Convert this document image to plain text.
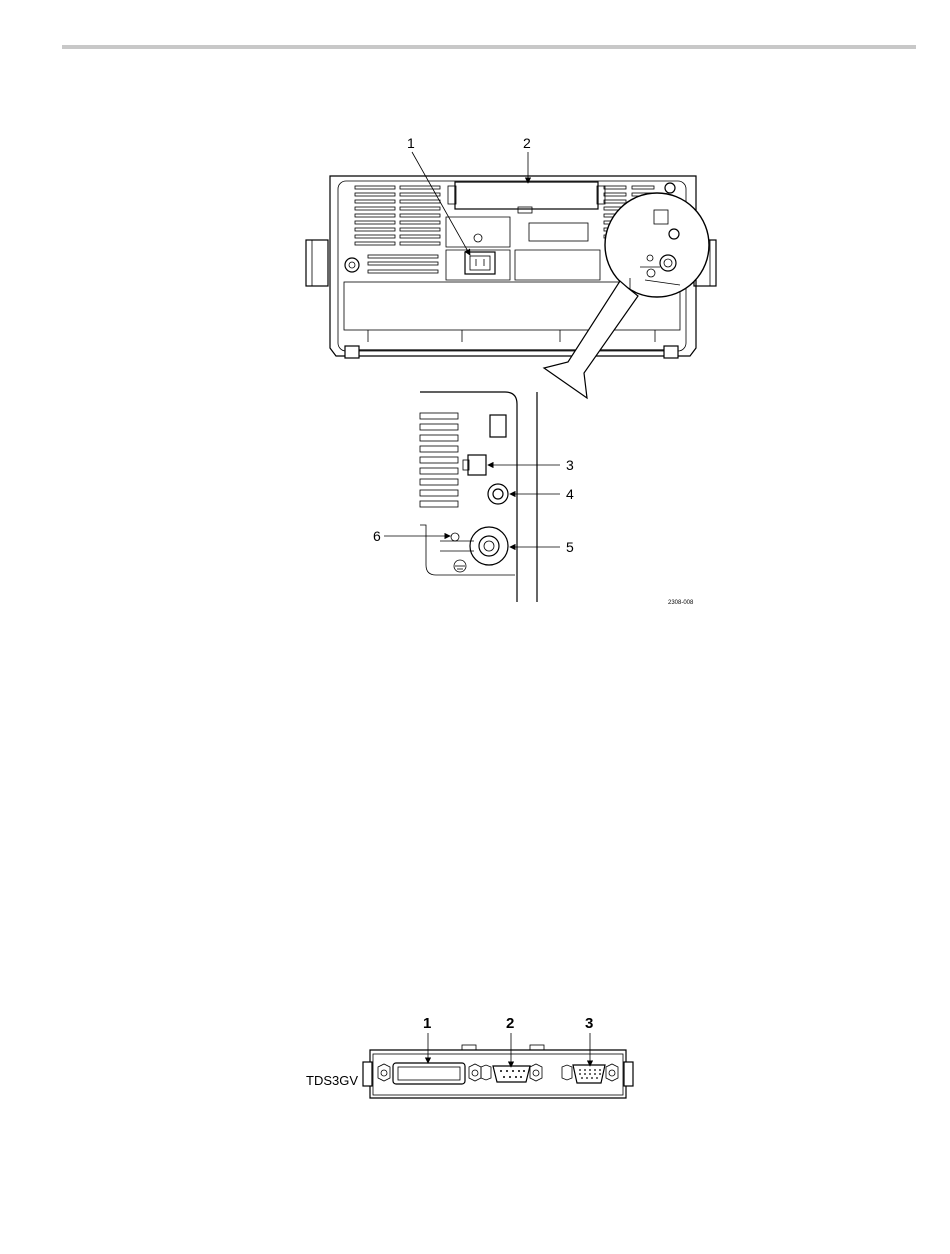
1	2
3
4
5
6
2308-008
TDS3GV
1	2	3
